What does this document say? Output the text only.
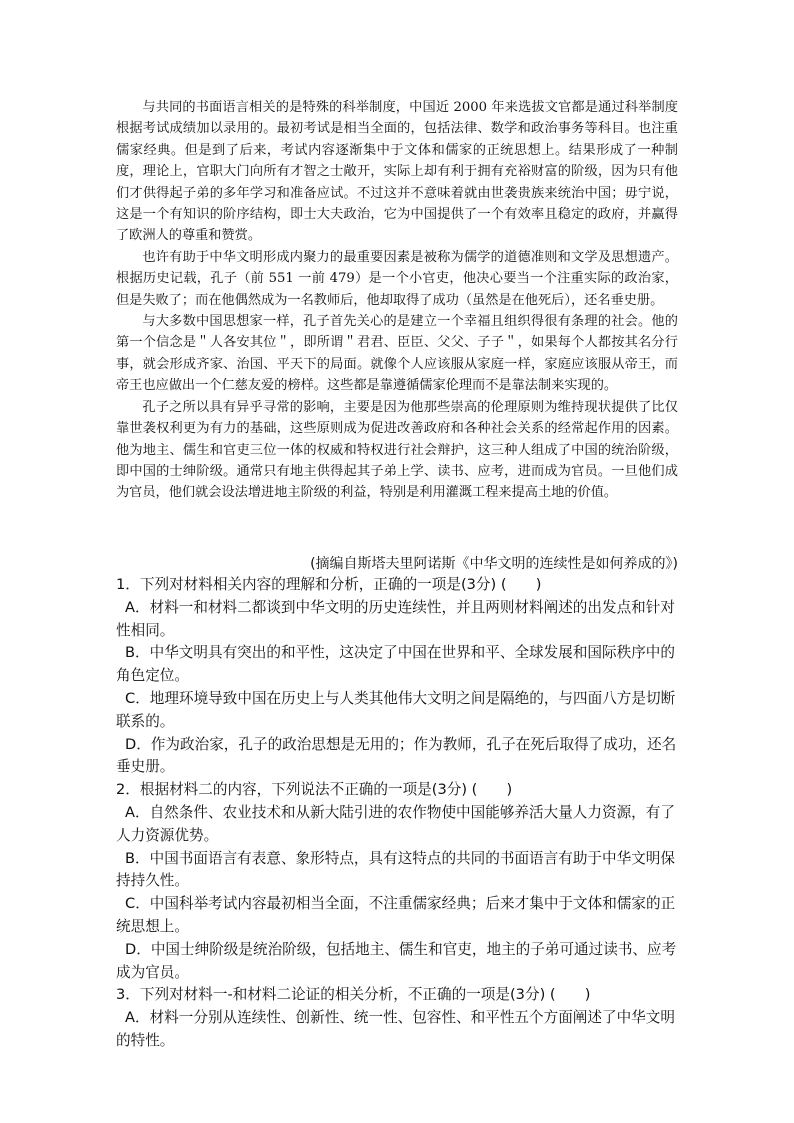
与共同的书面语言相关的是特殊的科举制度，中国近 2000 年来选拔文官都是通过科举制度根据考试成绩加以录用的。最初考试是相当全面的，包括法律、数学和政治事务等科目。也注重儒家经典。但是到了后来，考试内容逐渐集中于文体和儒家的正统思想上。结果形成了一种制度，理论上，官职大门向所有才智之士敞开，实际上却有利于拥有充裕财富的阶级，因为只有他们才供得起子弟的多年学习和准备应试。不过这并不意味着就由世袭贵族来统治中国；毋宁说，这是一个有知识的阶序结构，即士大夫政治，它为中国提供了一个有效率且稳定的政府，并赢得了欧洲人的尊重和赞赏。

也许有助于中华文明形成内聚力的最重要因素是被称为儒学的道德准则和文学及思想遗产。根据历史记载，孔子（前 551 一前 479）是一个小官吏，他决心要当一个注重实际的政治家，但是失败了；而在他偶然成为一名教师后，他却取得了成功（虽然是在他死后），还名垂史册。

与大多数中国思想家一样，孔子首先关心的是建立一个幸福且组织得很有条理的社会。他的第一个信念是＂人各安其位＂，即所谓＂君君、臣臣、父父、子子＂，如果每个人都按其名分行事，就会形成齐家、治国、平天下的局面。就像个人应该服从家庭一样，家庭应该服从帝王，而帝王也应做出一个仁慈友爱的榜样。这些都是靠遵循儒家伦理而不是靠法制来实现的。

孔子之所以具有异乎寻常的影响，主要是因为他那些崇高的伦理原则为维持现状提供了比仅靠世袭权利更为有力的基础，这些原则成为促进改善政府和各种社会关系的经常起作用的因素。他为地主、儒生和官吏三位一体的权威和特权进行社会辩护，这三种人组成了中国的统治阶级，即中国的士绅阶级。通常只有地主供得起其子弟上学、读书、应考，进而成为官员。一旦他们成为官员，他们就会设法增进地主阶级的利益，特别是利用灌溉工程来提高土地的价值。

(摘编自斯塔夫里阿诺斯《中华文明的连续性是如何养成的》)

1．下列对材料相关内容的理解和分析，正确的一项是(3分) (　　)

A．材料一和材料二都谈到中华文明的历史连续性，并且两则材料阐述的出发点和针对性相同。

B．中华文明具有突出的和平性，这决定了中国在世界和平、全球发展和国际秩序中的角色定位。

C．地理环境导致中国在历史上与人类其他伟大文明之间是隔绝的，与四面八方是切断联系的。

D．作为政治家，孔子的政治思想是无用的；作为教师，孔子在死后取得了成功，还名垂史册。

2．根据材料二的内容，下列说法不正确的一项是(3分) (　　)

A．自然条件、农业技术和从新大陆引进的农作物使中国能够养活大量人力资源，有了人力资源优势。

B．中国书面语言有表意、象形特点，具有这特点的共同的书面语言有助于中华文明保持持久性。

C．中国科举考试内容最初相当全面，不注重儒家经典；后来才集中于文体和儒家的正统思想上。

D．中国士绅阶级是统治阶级，包括地主、儒生和官吏，地主的子弟可通过读书、应考成为官员。

3．下列对材料一-和材料二论证的相关分析，不正确的一项是(3分) (　　)

A．材料一分别从连续性、创新性、统一性、包容性、和平性五个方面阐述了中华文明的特性。
